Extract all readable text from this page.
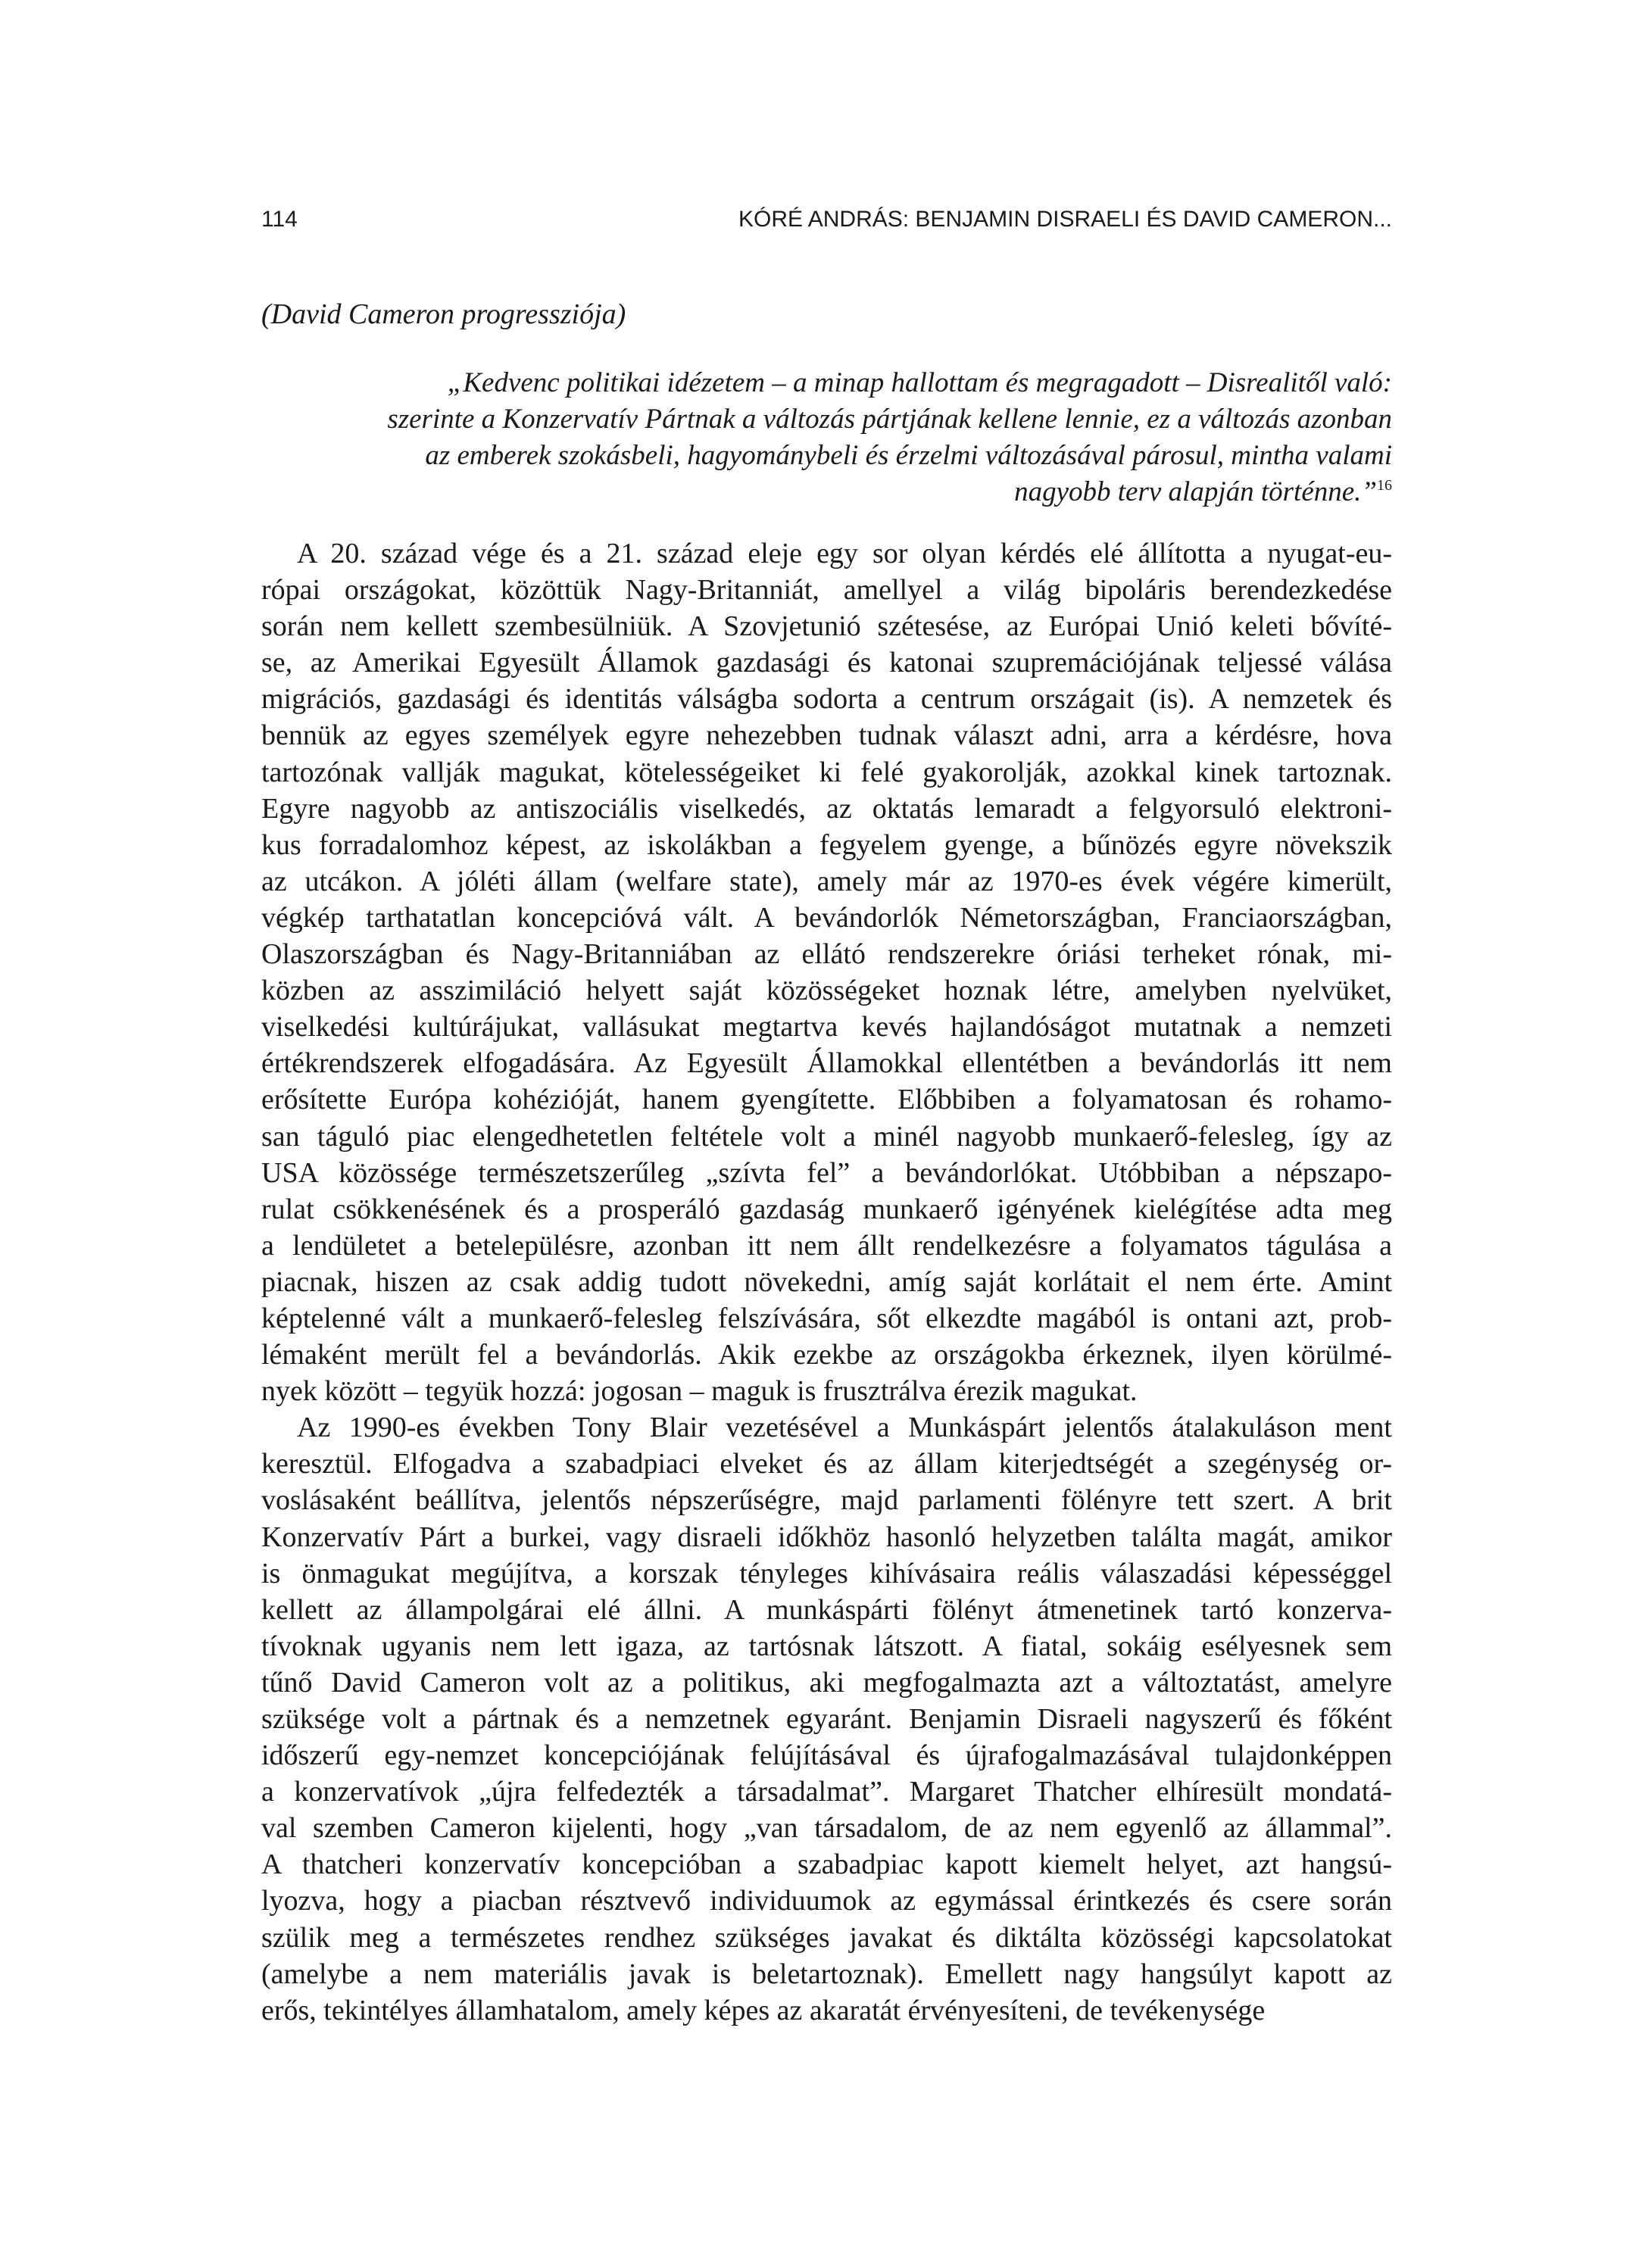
114	KÓRÉ ANDRÁS: BENJAMIN DISRAELI ÉS DAVID CAMERON...
(David Cameron progressziója)
„Kedvenc politikai idézetem – a minap hallottam és megragadott – Disrealitől való:
szerinte a Konzervatív Pártnak a változás pártjának kellene lennie, ez a változás azonban
az emberek szokásbeli, hagyománybeli és érzelmi változásával párosul, mintha valami
nagyobb terv alapján történne.”$^{16}$
A 20. század vége és a 21. század eleje egy sor olyan kérdés elé állította a nyugat-eu-
rópai országokat, közöttük Nagy-Britanniát, amellyel a világ bipoláris berendezkedése
során nem kellett szembesülniük. A Szovjetunió szétesése, az Európai Unió keleti bővíté-
se, az Amerikai Egyesült Államok gazdasági és katonai szupremációjának teljessé válása
migrációs, gazdasági és identitás válságba sodorta a centrum országait (is). A nemzetek és
bennük az egyes személyek egyre nehezebben tudnak választ adni, arra a kérdésre, hova
tartozónak vallják magukat, kötelességeiket ki felé gyakorolják, azokkal kinek tartoznak.
Egyre nagyobb az antiszociális viselkedés, az oktatás lemaradt a felgyorsuló elektroni-
kus forradalomhoz képest, az iskolákban a fegyelem gyenge, a bűnözés egyre növekszik
az utcákon. A jóléti állam (welfare state), amely már az 1970-es évek végére kimerült,
végkép tarthatatlan koncepcióvá vált. A bevándorlók Németországban, Franciaországban,
Olaszországban és Nagy-Britanniában az ellátó rendszerekre óriási terheket rónak, mi-
közben az asszimiláció helyett saját közösségeket hoznak létre, amelyben nyelvüket,
viselkedési kultúrájukat, vallásukat megtartva kevés hajlandóságot mutatnak a nemzeti
értékrendszerek elfogadására. Az Egyesült Államokkal ellentétben a bevándorlás itt nem
erősítette Európa kohézióját, hanem gyengítette. Előbbiben a folyamatosan és rohamo-
san táguló piac elengedhetetlen feltétele volt a minél nagyobb munkaerő-felesleg, így az
USA közössége természetszerűleg „szívta fel” a bevándorlókat. Utóbbiban a népszapo-
rulat csökkenésének és a prosperáló gazdaság munkaerő igényének kielégítése adta meg
a lendületet a betelepülésre, azonban itt nem állt rendelkezésre a folyamatos tágulása a
piacnak, hiszen az csak addig tudott növekedni, amíg saját korlátait el nem érte. Amint
képtelenné vált a munkaerő-felesleg felszívására, sőt elkezdte magából is ontani azt, prob-
lémaként merült fel a bevándorlás. Akik ezekbe az országokba érkeznek, ilyen körülmé-
nyek között – tegyük hozzá: jogosan – maguk is frusztrálva érezik magukat.
Az 1990-es években Tony Blair vezetésével a Munkáspárt jelentős átalakuláson ment
keresztül. Elfogadva a szabadpiaci elveket és az állam kiterjedtségét a szegénység or-
voslásaként beállítva, jelentős népszerűségre, majd parlamenti fölényre tett szert. A brit
Konzervatív Párt a burkei, vagy disraeli időkhöz hasonló helyzetben találta magát, amikor
is önmagukat megújítva, a korszak tényleges kihívásaira reális válaszadási képességgel
kellett az állampolgárai elé állni. A munkáspárti fölényt átmenetinek tartó konzerva-
tívoknak ugyanis nem lett igaza, az tartósnak látszott. A fiatal, sokáig esélyesnek sem
tűnő David Cameron volt az a politikus, aki megfogalmazta azt a változtatást, amelyre
szüksége volt a pártnak és a nemzetnek egyaránt. Benjamin Disraeli nagyszerű és főként
időszerű egy-nemzet koncepciójának felújításával és újrafogalmazásával tulajdonképpen
a konzervatívok „újra felfedezték a társadalmat”. Margaret Thatcher elhíresült mondatá-
val szemben Cameron kijelenti, hogy „van társadalom, de az nem egyenlő az állammal”.
A thatcheri konzervatív koncepcióban a szabadpiac kapott kiemelt helyet, azt hangsú-
lyozva, hogy a piacban résztvevő individuumok az egymással érintkezés és csere során
szülik meg a természetes rendhez szükséges javakat és diktálta közösségi kapcsolatokat
(amelybe a nem materiális javak is beletartoznak). Emellett nagy hangsúlyt kapott az
erős, tekintélyes államhatalom, amely képes az akaratát érvényesíteni, de tevékenysége
